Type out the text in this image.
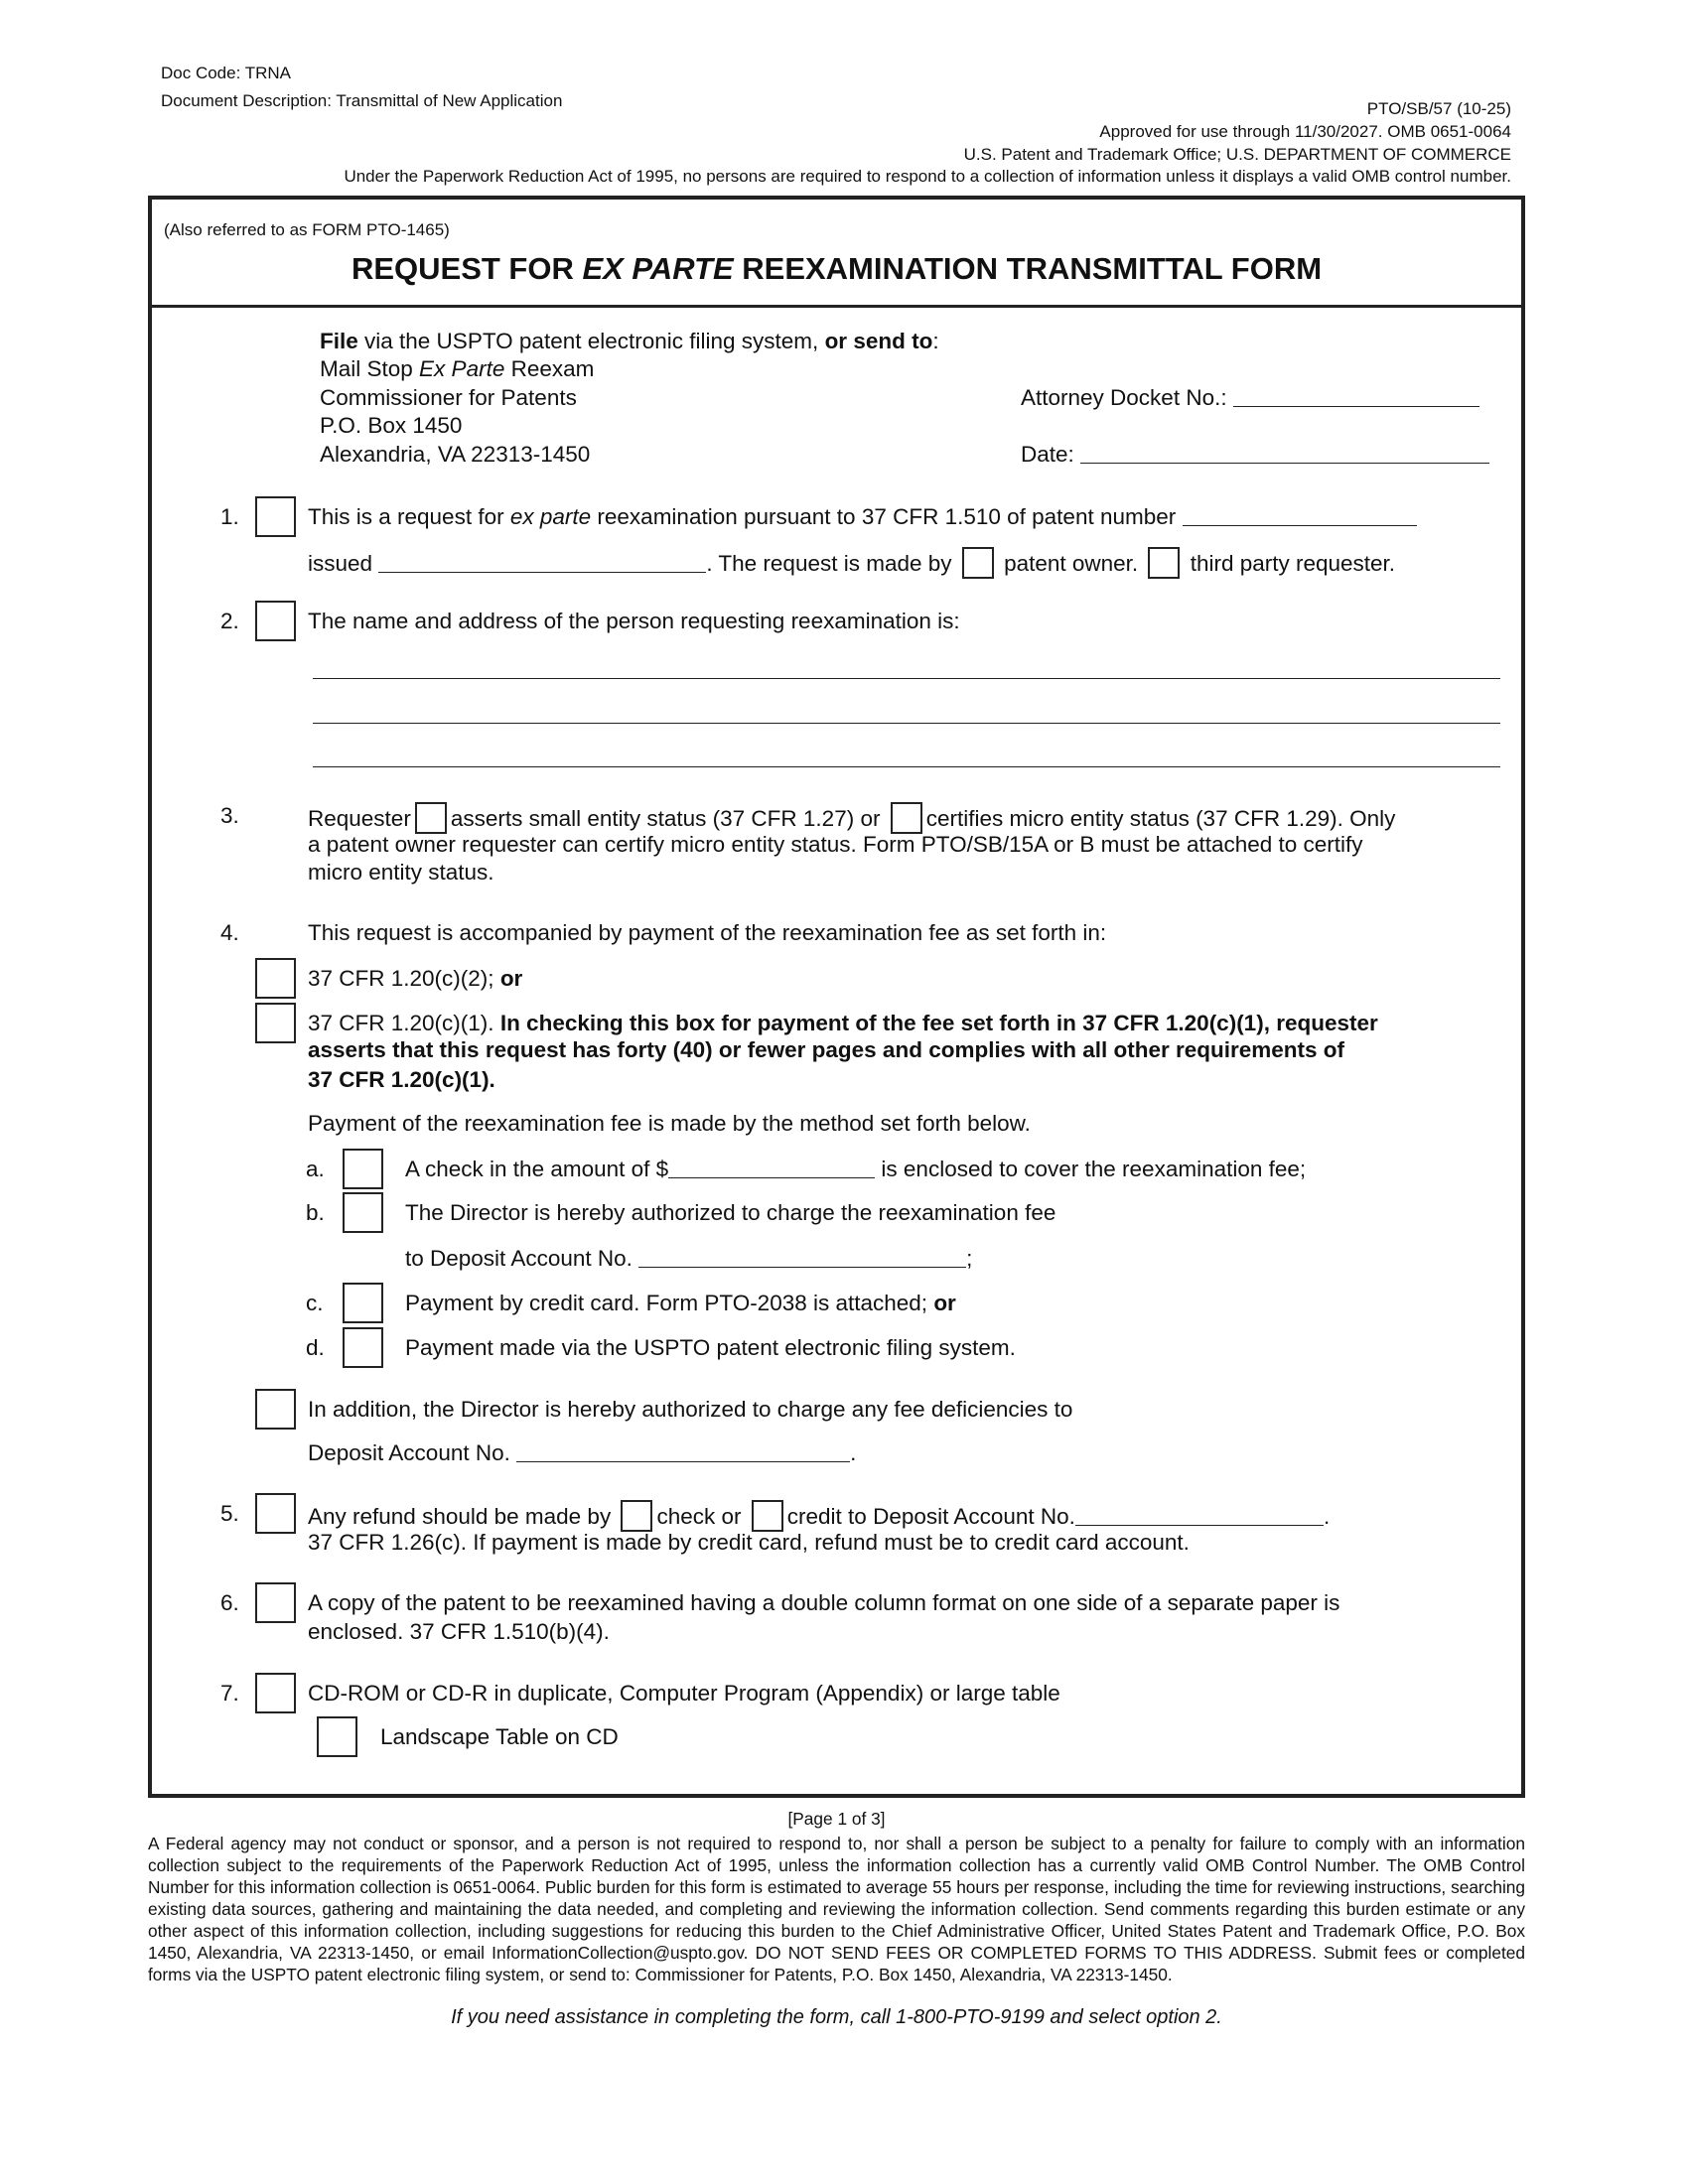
Doc Code: TRNA
Document Description: Transmittal of New Application	PTO/SB/57 (10-25)
Approved for use through 11/30/2027. OMB 0651-0064
U.S. Patent and Trademark Office; U.S. DEPARTMENT OF COMMERCE
Under the Paperwork Reduction Act of 1995, no persons are required to respond to a collection of information unless it displays a valid OMB control number.
(Also referred to as FORM PTO-1465)
REQUEST FOR EX PARTE REEXAMINATION TRANSMITTAL FORM
File via the USPTO patent electronic filing system, or send to:
Mail Stop Ex Parte Reexam
Commissioner for Patents
P.O. Box 1450
Alexandria, VA 22313-1450
Attorney Docket No.:
Date:
1.	This is a request for ex parte reexamination pursuant to 37 CFR 1.510 of patent number
issued	. The request is made by patent owner. third party requester.
2.	The name and address of the person requesting reexamination is:
3.	Requester asserts small entity status (37 CFR 1.27) or certifies micro entity status (37 CFR 1.29). Only
a patent owner requester can certify micro entity status. Form PTO/SB/15A or B must be attached to certify
micro entity status.
4.	This request is accompanied by payment of the reexamination fee as set forth in:
37 CFR 1.20(c)(2); or
37 CFR 1.20(c)(1). In checking this box for payment of the fee set forth in 37 CFR 1.20(c)(1), requester
asserts that this request has forty (40) or fewer pages and complies with all other requirements of
37 CFR 1.20(c)(1).
Payment of the reexamination fee is made by the method set forth below.
a.	A check in the amount of $	is enclosed to cover the reexamination fee;
b.	The Director is hereby authorized to charge the reexamination fee
to Deposit Account No.	;
c.	Payment by credit card. Form PTO-2038 is attached; or
d.	Payment made via the USPTO patent electronic filing system.
In addition, the Director is hereby authorized to charge any fee deficiencies to
Deposit Account No.	.
5.	Any refund should be made by check or credit to Deposit Account No.	.
37 CFR 1.26(c). If payment is made by credit card, refund must be to credit card account.
6.	A copy of the patent to be reexamined having a double column format on one side of a separate paper is
enclosed. 37 CFR 1.510(b)(4).
7.	CD-ROM or CD-R in duplicate, Computer Program (Appendix) or large table
Landscape Table on CD
[Page 1 of 3]
A Federal agency may not conduct or sponsor, and a person is not required to respond to, nor shall a person be subject to a penalty for failure to comply with an information collection subject to the requirements of the Paperwork Reduction Act of 1995, unless the information collection has a currently valid OMB Control Number. The OMB Control Number for this information collection is 0651-0064. Public burden for this form is estimated to average 55 hours per response, including the time for reviewing instructions, searching existing data sources, gathering and maintaining the data needed, and completing and reviewing the information collection. Send comments regarding this burden estimate or any other aspect of this information collection, including suggestions for reducing this burden to the Chief Administrative Officer, United States Patent and Trademark Office, P.O. Box 1450, Alexandria, VA 22313-1450, or email InformationCollection@uspto.gov. DO NOT SEND FEES OR COMPLETED FORMS TO THIS ADDRESS. Submit fees or completed forms via the USPTO patent electronic filing system, or send to: Commissioner for Patents, P.O. Box 1450, Alexandria, VA 22313-1450.
If you need assistance in completing the form, call 1-800-PTO-9199 and select option 2.
